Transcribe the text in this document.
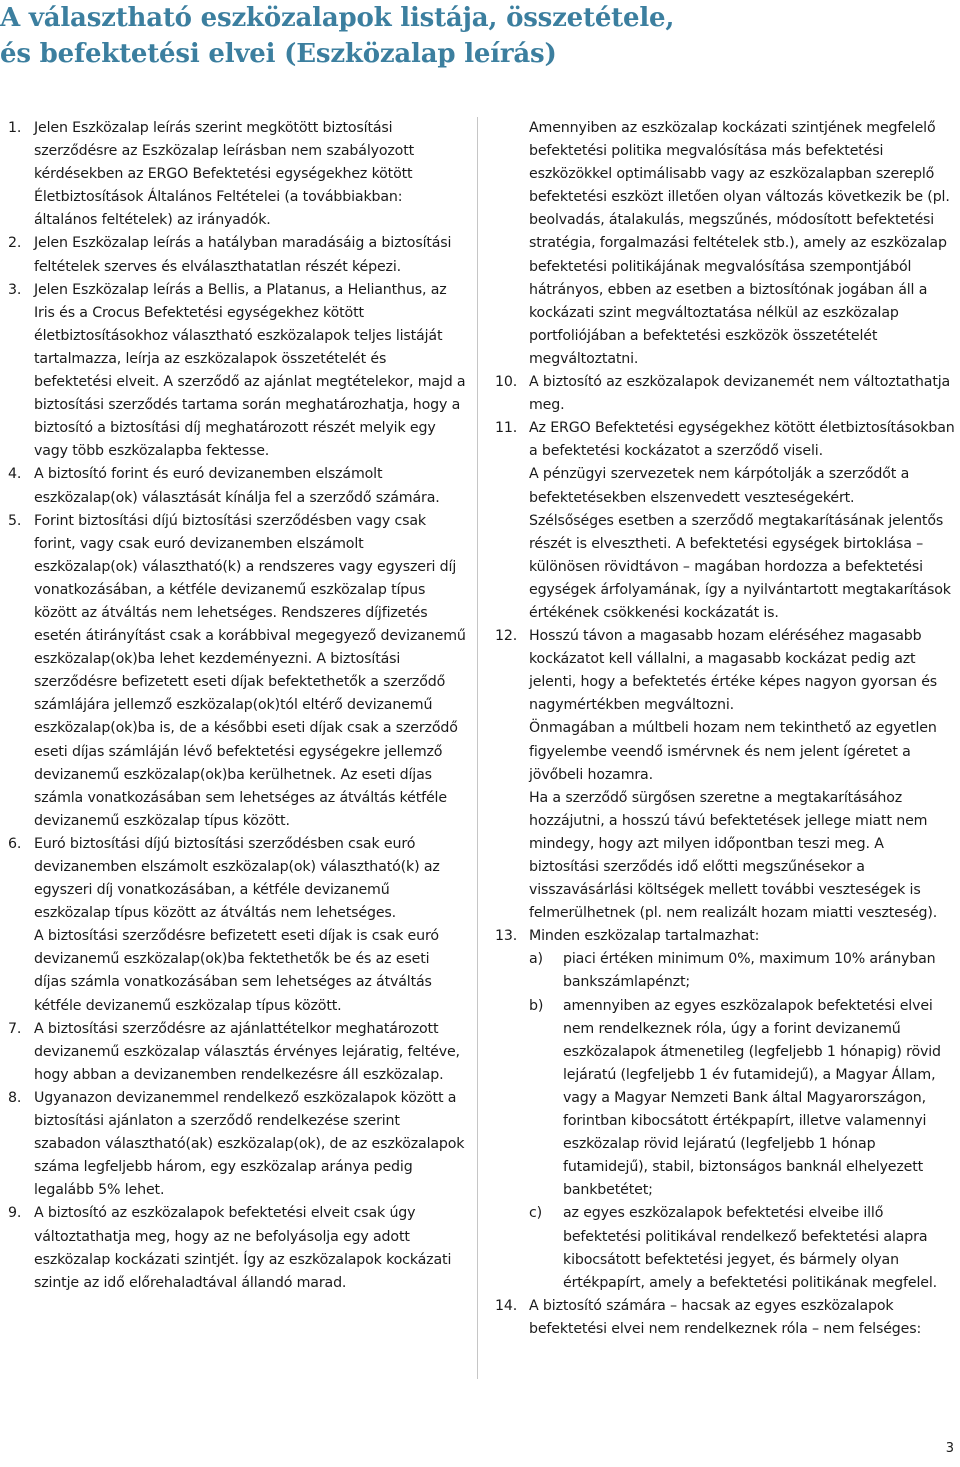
A választható eszközalapok listája, összetétele,
és befektetési elvei (Eszközalap leírás)
1. Jelen Eszközalap leírás szerint megkötött biztosítási szerződésre az Eszközalap leírásban nem szabályozott kérdésekben az ERGO Befektetési egységekhez kötött Életbiztosítások Általános Feltételei (a továbbiakban: általános feltételek) az irányadók.
2. Jelen Eszközalap leírás a hatályban maradásáig a biztosítási feltételek szerves és elválaszthatatlan részét képezi.
3. Jelen Eszközalap leírás a Bellis, a Platanus, a Helianthus, az Iris és a Crocus Befektetési egységekhez kötött életbiztosításokhoz választható eszközalapok teljes listáját tartalmazza, leírja az eszközalapok összetételét és befektetési elveit. A szerződő az ajánlat megtételekor, majd a biztosítási szerződés tartama során meghatározhatja, hogy a biztosító a biztosítási díj meghatározott részét melyik egy vagy több eszközalapba fektesse.
4. A biztosító forint és euró devizanemben elszámolt eszközalap(ok) választását kínálja fel a szerződő számára.
5. Forint biztosítási díjú biztosítási szerződésben vagy csak forint, vagy csak euró devizanemben elszámolt eszközalap(ok) választható(k) a rendszeres vagy egyszeri díj vonatkozásában, a kétféle devizanemű eszközalap típus között az átváltás nem lehetséges. Rendszeres díjfizetés esetén átirányítást csak a korábbival megegyező devizanemű eszközalap(ok)ba lehet kezdeményezni. A biztosítási szerződésre befizetett eseti díjak befektethetők a szerződő számlájára jellemző eszközalap(ok)tól eltérő devizanemű eszközalap(ok)ba is, de a későbbi eseti díjak csak a szerződő eseti díjas számláján lévő befektetési egységekre jellemző devizanemű eszközalap(ok)ba kerülhetnek. Az eseti díjas számla vonatkozásában sem lehetséges az átváltás kétféle devizanemű eszközalap típus között.
6. Euró biztosítási díjú biztosítási szerződésben csak euró devizanemben elszámolt eszközalap(ok) választható(k) az egyszeri díj vonatkozásában, a kétféle devizanemű eszközalap típus között az átváltás nem lehetséges.
A biztosítási szerződésre befizetett eseti díjak is csak euró devizanemű eszközalap(ok)ba fektethetők be és az eseti díjas számla vonatkozásában sem lehetséges az átváltás kétféle devizanemű eszközalap típus között.
7. A biztosítási szerződésre az ajánlattételkor meghatározott devizanemű eszközalap választás érvényes lejáratig, feltéve, hogy abban a devizanemben rendelkezésre áll eszközalap.
8. Ugyanazon devizanemmel rendelkező eszközalapok között a biztosítási ajánlaton a szerződő rendelkezése szerint szabadon választható(ak) eszközalap(ok), de az eszközalapok száma legfeljebb három, egy eszközalap aránya pedig legalább 5% lehet.
9. A biztosító az eszközalapok befektetési elveit csak úgy változtathatja meg, hogy az ne befolyásolja egy adott eszközalap kockázati szintjét. Így az eszközalapok kockázati szintje az idő előrehaladtával állandó marad.
Amennyiben az eszközalap kockázati szintjének megfelelő befektetési politika megvalósítása más befektetési eszközökkel optimálisabb vagy az eszközalapban szereplő befektetési eszközt illetően olyan változás következik be (pl. beolvadás, átalakulás, megszűnés, módosított befektetési stratégia, forgalmazási feltételek stb.), amely az eszközalap befektetési politikájának megvalósítása szempontjából hátrányos, ebben az esetben a biztosítónak jogában áll a kockázati szint megváltoztatása nélkül az eszközalap portfoliójában a befektetési eszközök összetételét megváltoztatni.
10. A biztosító az eszközalapok devizanemét nem változtathatja meg.
11. Az ERGO Befektetési egységekhez kötött életbiztosításokban a befektetési kockázatot a szerződő viseli.
A pénzügyi szervezetek nem kárpótolják a szerződőt a befektetésekben elszenvedett veszteségekért.
Szélsőséges esetben a szerződő megtakarításának jelentős részét is elvesztheti. A befektetési egységek birtoklása – különösen rövidtávon – magában hordozza a befektetési egységek árfolyamának, így a nyilvántartott megtakarítások értékének csökkenési kockázatát is.
12. Hosszú távon a magasabb hozam eléréséhez magasabb kockázatot kell vállalni, a magasabb kockázat pedig azt jelenti, hogy a befektetés értéke képes nagyon gyorsan és nagymértékben megváltozni.
Önmagában a múltbeli hozam nem tekinthető az egyetlen figyelembe veendő ismérvnek és nem jelent ígéretet a jövőbeli hozamra.
Ha a szerződő sürgősen szeretne a megtakarításához hozzájutni, a hosszú távú befektetések jellege miatt nem mindegy, hogy azt milyen időpontban teszi meg. A biztosítási szerződés idő előtti megszűnésekor a visszavásárlási költségek mellett további veszteségek is felmerülhetnek (pl. nem realizált hozam miatti veszteség).
13. Minden eszközalap tartalmazhat:
a) piaci értéken minimum 0%, maximum 10% arányban bankszámlapénzt;
b) amennyiben az egyes eszközalapok befektetési elvei nem rendelkeznek róla, úgy a forint devizanemű eszközalapok átmenetileg (legfeljebb 1 hónapig) rövid lejáratú (legfeljebb 1 év futamidejű), a Magyar Állam, vagy a Magyar Nemzeti Bank által Magyarországon, forintban kibocsátott értékpapírt, illetve valamennyi eszközalap rövid lejáratú (legfeljebb 1 hónap futamidejű), stabil, biztonságos banknál elhelyezett bankbetétet;
c) az egyes eszközalapok befektetési elveibe illő befektetési politikával rendelkező befektetési alapra kibocsátott befektetési jegyet, és bármely olyan értékpapírt, amely a befektetési politikának megfelel.
14. A biztosító számára – hacsak az egyes eszközalapok befektetési elvei nem rendelkeznek róla – nem felséges:
3
